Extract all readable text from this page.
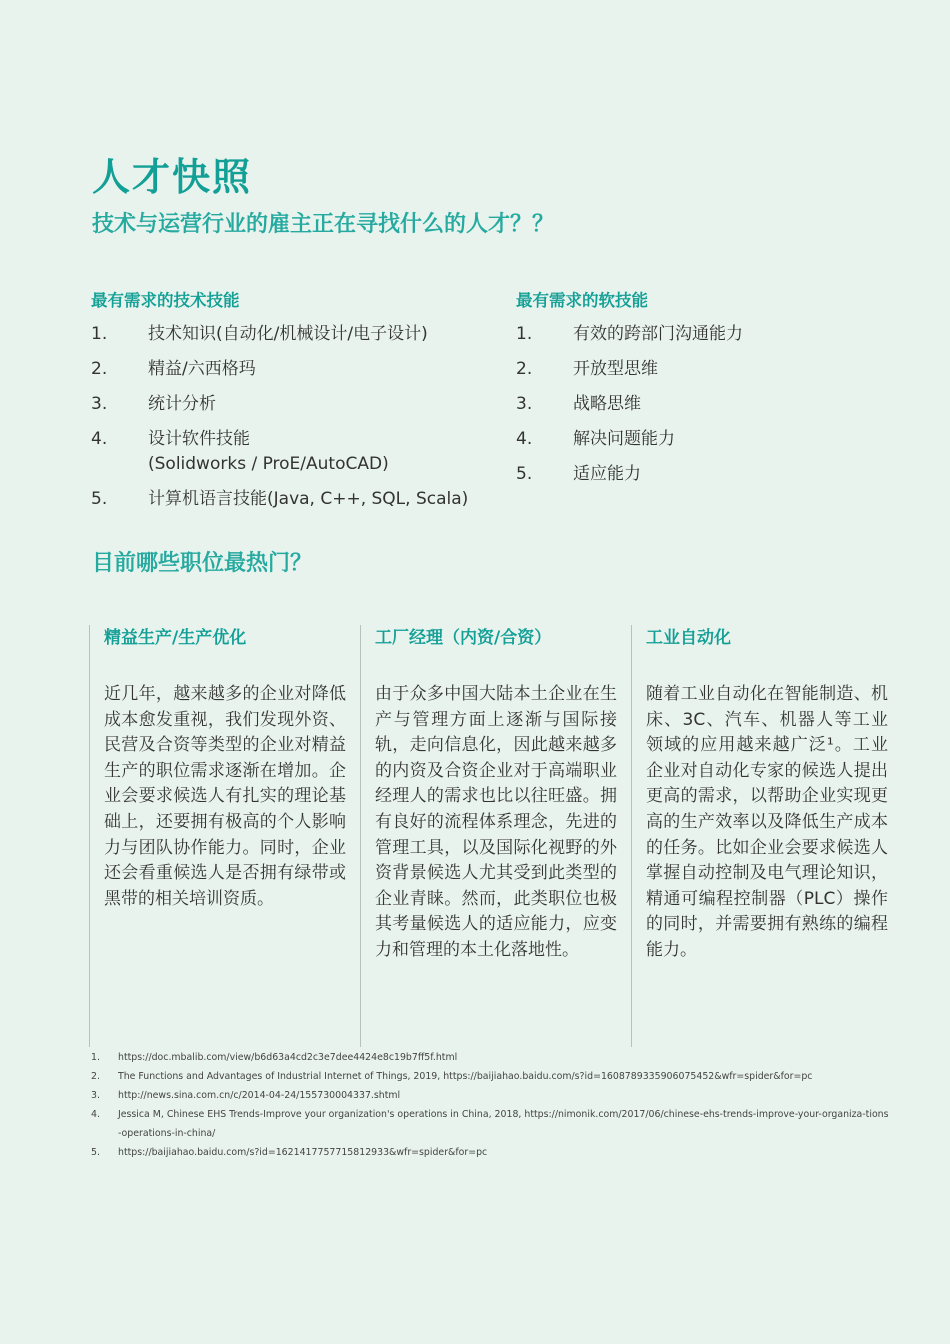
人才快照
技术与运营行业的雇主正在寻找什么的人才？？
最有需求的技术技能
1.	技术知识(自动化/机械设计/电子设计)
2.	精益/六西格玛
3.	统计分析
4.	设计软件技能
(Solidworks / ProE/AutoCAD)
5.	计算机语言技能(Java, C++, SQL, Scala)
最有需求的软技能
1.	有效的跨部门沟通能力
2.	开放型思维
3.	战略思维
4.	解决问题能力
5.	适应能力
目前哪些职位最热门？
精益生产/生产优化

近几年，越来越多的企业对降低成本愈发重视，我们发现外资、民营及合资等类型的企业对精益生产的职位需求逐渐在增加。企业会要求候选人有扎实的理论基础上，还要拥有极高的个人影响力与团队协作能力。同时，企业还会看重候选人是否拥有绿带或黑带的相关培训资质。

工厂经理（内资/合资）

由于众多中国大陆本土企业在生产与管理方面上逐渐与国际接轨，走向信息化，因此越来越多的内资及合资企业对于高端职业经理人的需求也比以往旺盛。拥有良好的流程体系理念，先进的管理工具，以及国际化视野的外资背景候选人尤其受到此类型的企业青睐。然而，此类职位也极其考量候选人的适应能力，应变力和管理的本土化落地性。

工业自动化

随着工业自动化在智能制造、机床、3C、汽车、机器人等工业领域的应用越来越广泛¹。工业企业对自动化专家的候选人提出更高的需求，以帮助企业实现更高的生产效率以及降低生产成本的任务。比如企业会要求候选人掌握自动控制及电气理论知识，精通可编程控制器（PLC）操作的同时，并需要拥有熟练的编程能力。

1.	https://doc.mbalib.com/view/b6d63a4cd2c3e7dee4424e8c19b7ff5f.html
2.	The Functions and Advantages of Industrial Internet of Things, 2019, https://baijiahao.baidu.com/s?id=1608789335906075452&wfr=spider&for=pc
3.	http://news.sina.com.cn/c/2014-04-24/155730004337.shtml
4.	Jessica M, Chinese EHS Trends-Improve your organization's operations in China, 2018, https://nimonik.com/2017/06/chinese-ehs-trends-improve-your-organiza-tions-operations-in-china/
5.	https://baijiahao.baidu.com/s?id=1621417757715812933&wfr=spider&for=pc
